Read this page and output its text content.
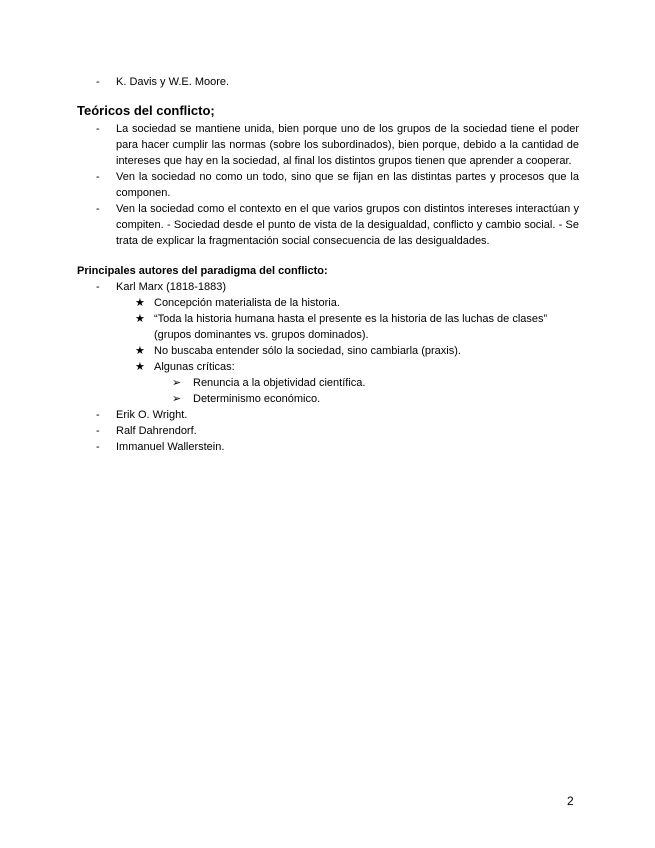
- K. Davis y W.E. Moore.
Teóricos del conflicto;
- La sociedad se mantiene unida, bien porque uno de los grupos de la sociedad tiene el poder para hacer cumplir las normas (sobre los subordinados), bien porque, debido a la cantidad de intereses que hay en la sociedad, al final los distintos grupos tienen que aprender a cooperar.
- Ven la sociedad no como un todo, sino que se fijan en las distintas partes y procesos que la componen.
- Ven la sociedad como el contexto en el que varios grupos con distintos intereses interactúan y compiten. - Sociedad desde el punto de vista de la desigualdad, conflicto y cambio social. - Se trata de explicar la fragmentación social consecuencia de las desigualdades.
Principales autores del paradigma del conflicto:
- Karl Marx (1818-1883)
★ Concepción materialista de la historia.
★ “Toda la historia humana hasta el presente es la historia de las luchas de clases” (grupos dominantes vs. grupos dominados).
★ No buscaba entender sólo la sociedad, sino cambiarla (praxis).
★ Algunas críticas:
➢ Renuncia a la objetividad científica.
➢ Determinismo económico.
- Erik O. Wright.
- Ralf Dahrendorf.
- Immanuel Wallerstein.
2
